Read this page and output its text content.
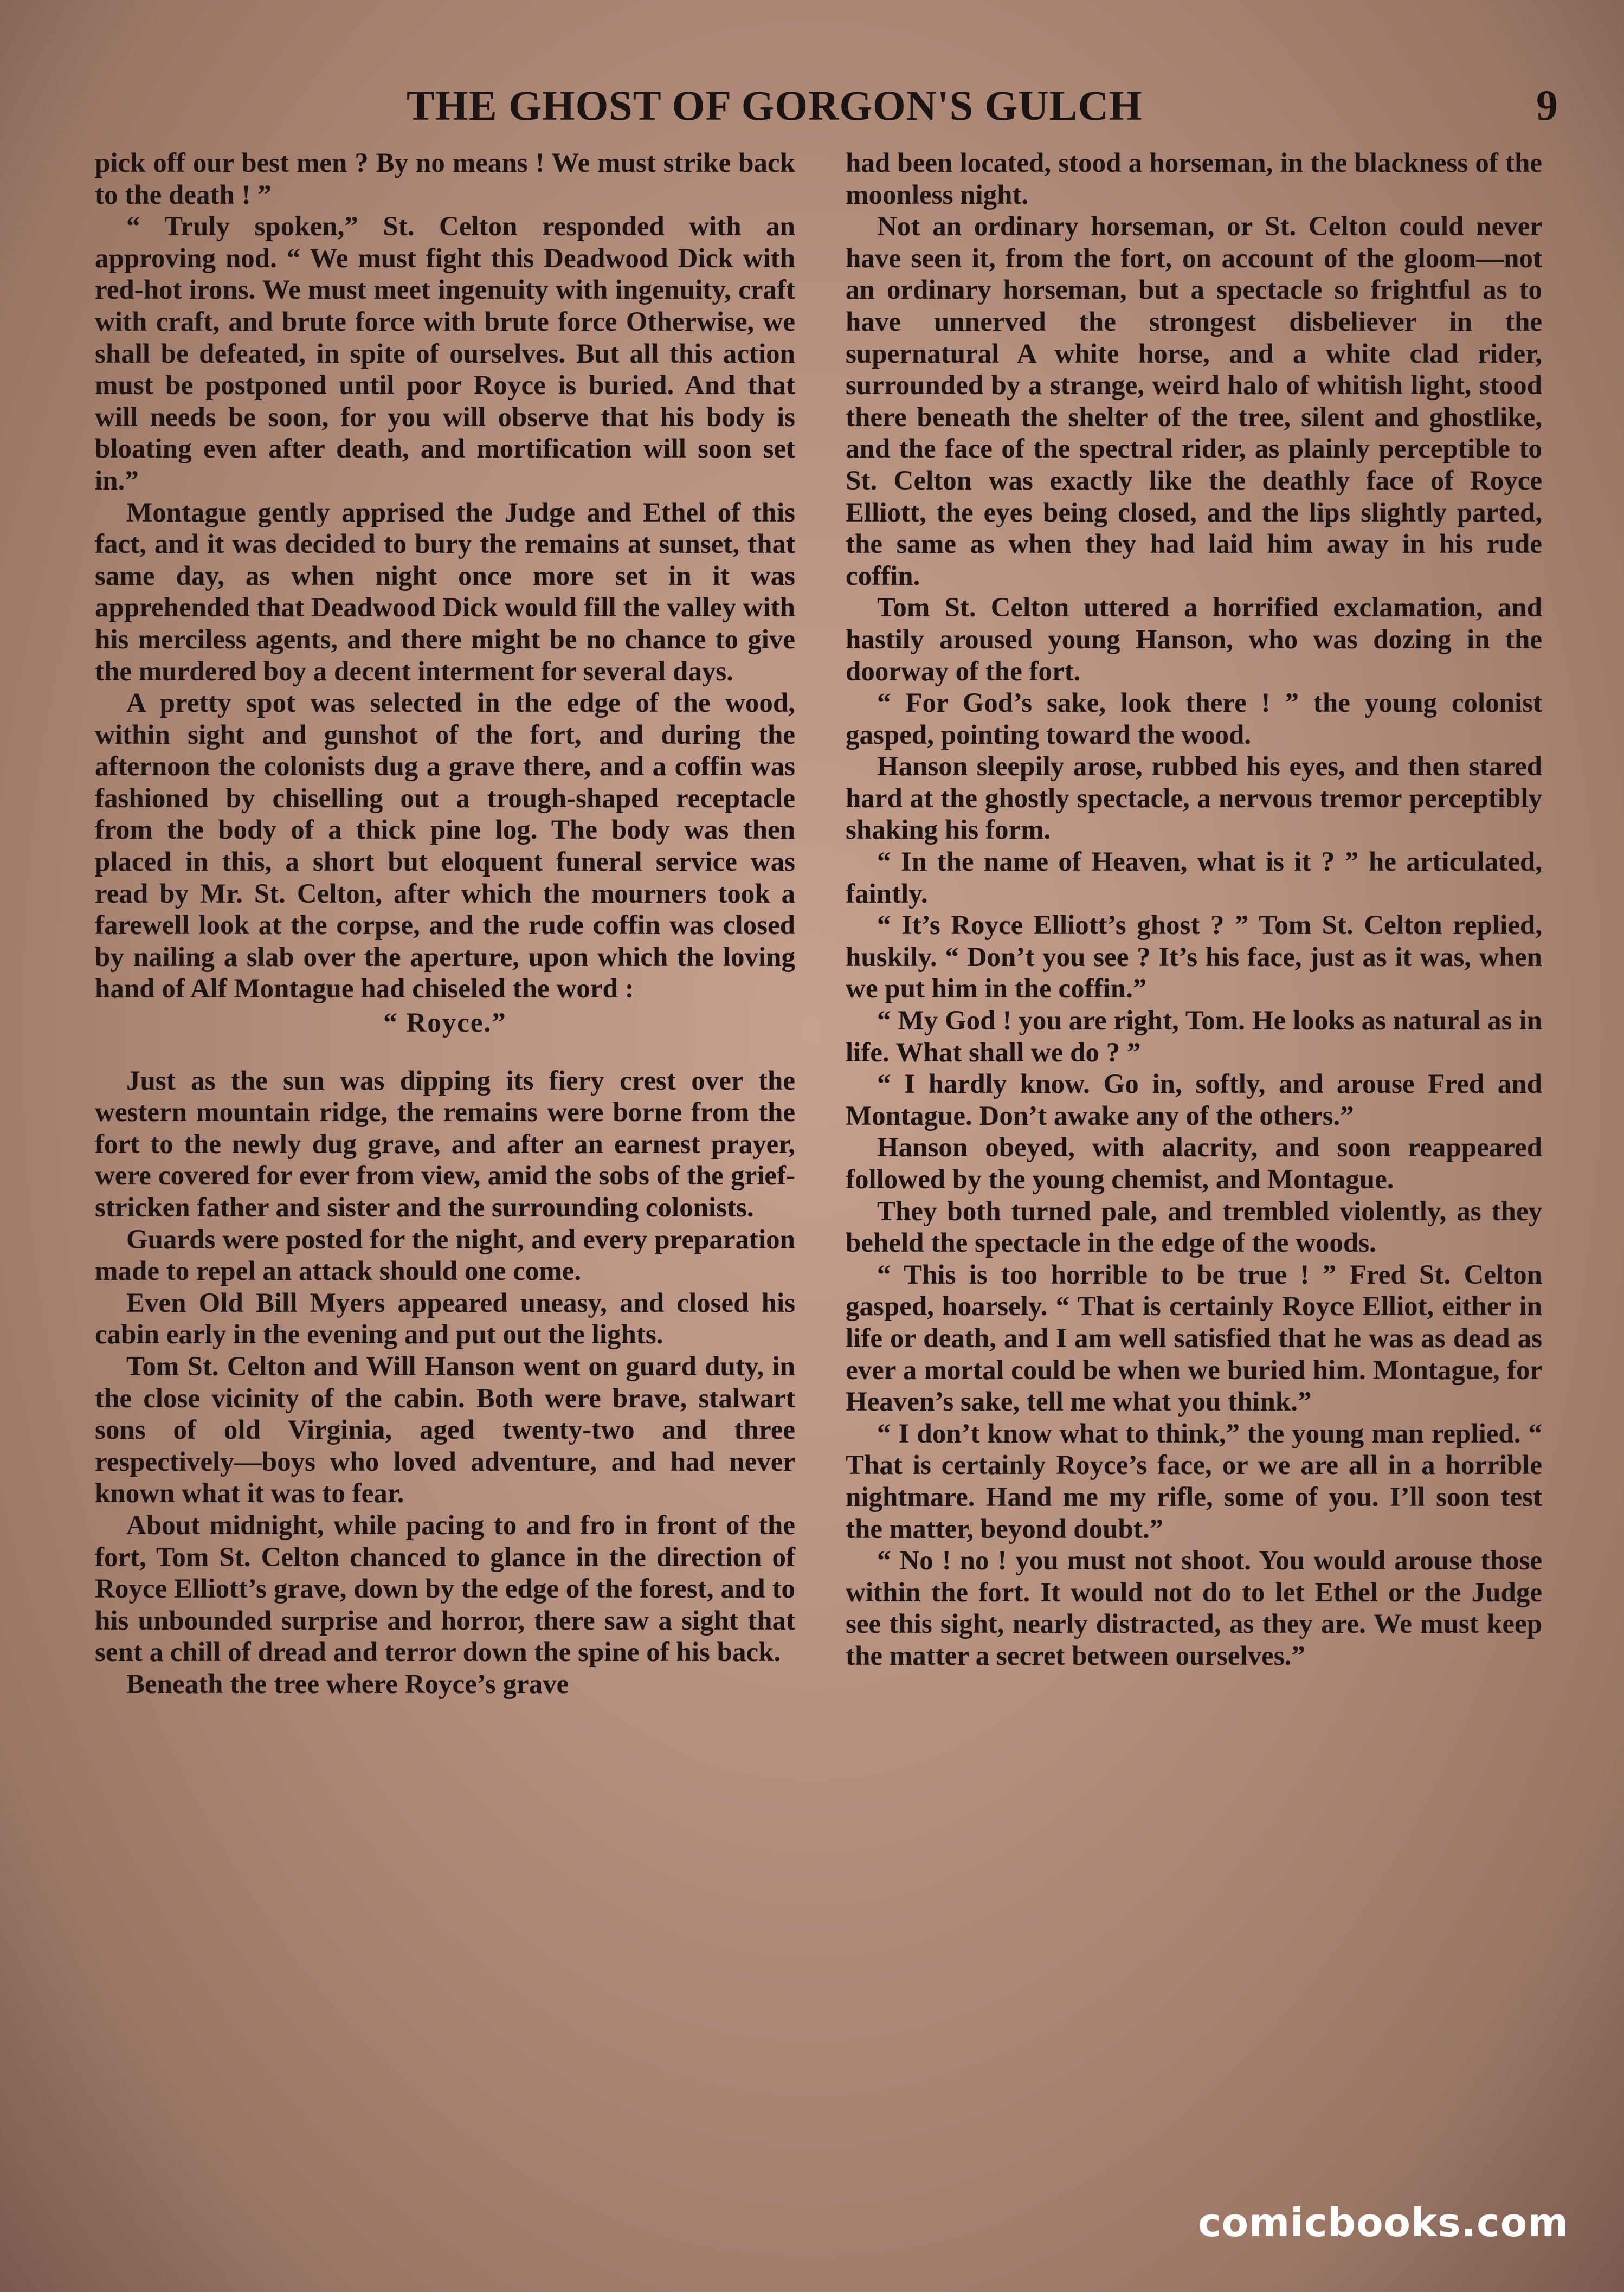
THE GHOST OF GORGON'S GULCH	9

pick off our best men ? By no means ! We must strike back to the death ! ”

“ Truly spoken,” St. Celton responded with an approving nod. “ We must fight this Deadwood Dick with red-hot irons. We must meet ingenuity with ingenuity, craft with craft, and brute force with brute force Otherwise, we shall be defeated, in spite of ourselves. But all this action must be postponed until poor Royce is buried. And that will needs be soon, for you will observe that his body is bloating even after death, and mortification will soon set in.”

Montague gently apprised the Judge and Ethel of this fact, and it was decided to bury the remains at sunset, that same day, as when night once more set in it was apprehended that Deadwood Dick would fill the valley with his merciless agents, and there might be no chance to give the murdered boy a decent interment for several days.

A pretty spot was selected in the edge of the wood, within sight and gunshot of the fort, and during the afternoon the colonists dug a grave there, and a coffin was fashioned by chiselling out a trough-shaped receptacle from the body of a thick pine log. The body was then placed in this, a short but eloquent funeral service was read by Mr. St. Celton, after which the mourners took a farewell look at the corpse, and the rude coffin was closed by nailing a slab over the aperture, upon which the loving hand of Alf Montague had chiseled the word :

“ Royce.”

Just as the sun was dipping its fiery crest over the western mountain ridge, the remains were borne from the fort to the newly dug grave, and after an earnest prayer, were covered for ever from view, amid the sobs of the grief-stricken father and sister and the surrounding colonists.

Guards were posted for the night, and every preparation made to repel an attack should one come.

Even Old Bill Myers appeared uneasy, and closed his cabin early in the evening and put out the lights.

Tom St. Celton and Will Hanson went on guard duty, in the close vicinity of the cabin. Both were brave, stalwart sons of old Virginia, aged twenty-two and three respectively—boys who loved adventure, and had never known what it was to fear.

About midnight, while pacing to and fro in front of the fort, Tom St. Celton chanced to glance in the direction of Royce Elliott’s grave, down by the edge of the forest, and to his unbounded surprise and horror, there saw a sight that sent a chill of dread and terror down the spine of his back.

Beneath the tree where Royce’s grave

had been located, stood a horseman, in the blackness of the moonless night.

Not an ordinary horseman, or St. Celton could never have seen it, from the fort, on account of the gloom—not an ordinary horseman, but a spectacle so frightful as to have unnerved the strongest disbeliever in the supernatural A white horse, and a white clad rider, surrounded by a strange, weird halo of whitish light, stood there beneath the shelter of the tree, silent and ghostlike, and the face of the spectral rider, as plainly perceptible to St. Celton was exactly like the deathly face of Royce Elliott, the eyes being closed, and the lips slightly parted, the same as when they had laid him away in his rude coffin.

Tom St. Celton uttered a horrified exclamation, and hastily aroused young Hanson, who was dozing in the doorway of the fort.

“ For God’s sake, look there ! ” the young colonist gasped, pointing toward the wood.

Hanson sleepily arose, rubbed his eyes, and then stared hard at the ghostly spectacle, a nervous tremor perceptibly shaking his form.

“ In the name of Heaven, what is it ? ” he articulated, faintly.

“ It’s Royce Elliott’s ghost ? ” Tom St. Celton replied, huskily. “ Don’t you see ? It’s his face, just as it was, when we put him in the coffin.”

“ My God ! you are right, Tom. He looks as natural as in life. What shall we do ? ”

“ I hardly know. Go in, softly, and arouse Fred and Montague. Don’t awake any of the others.”

Hanson obeyed, with alacrity, and soon reappeared followed by the young chemist, and Montague.

They both turned pale, and trembled violently, as they beheld the spectacle in the edge of the woods.

“ This is too horrible to be true ! ” Fred St. Celton gasped, hoarsely. “ That is certainly Royce Elliot, either in life or death, and I am well satisfied that he was as dead as ever a mortal could be when we buried him. Montague, for Heaven’s sake, tell me what you think.”

“ I don’t know what to think,” the young man replied. “ That is certainly Royce’s face, or we are all in a horrible nightmare. Hand me my rifle, some of you. I’ll soon test the matter, beyond doubt.”

“ No ! no ! you must not shoot. You would arouse those within the fort. It would not do to let Ethel or the Judge see this sight, nearly distracted, as they are. We must keep the matter a secret between ourselves.”

comicbooks.com
